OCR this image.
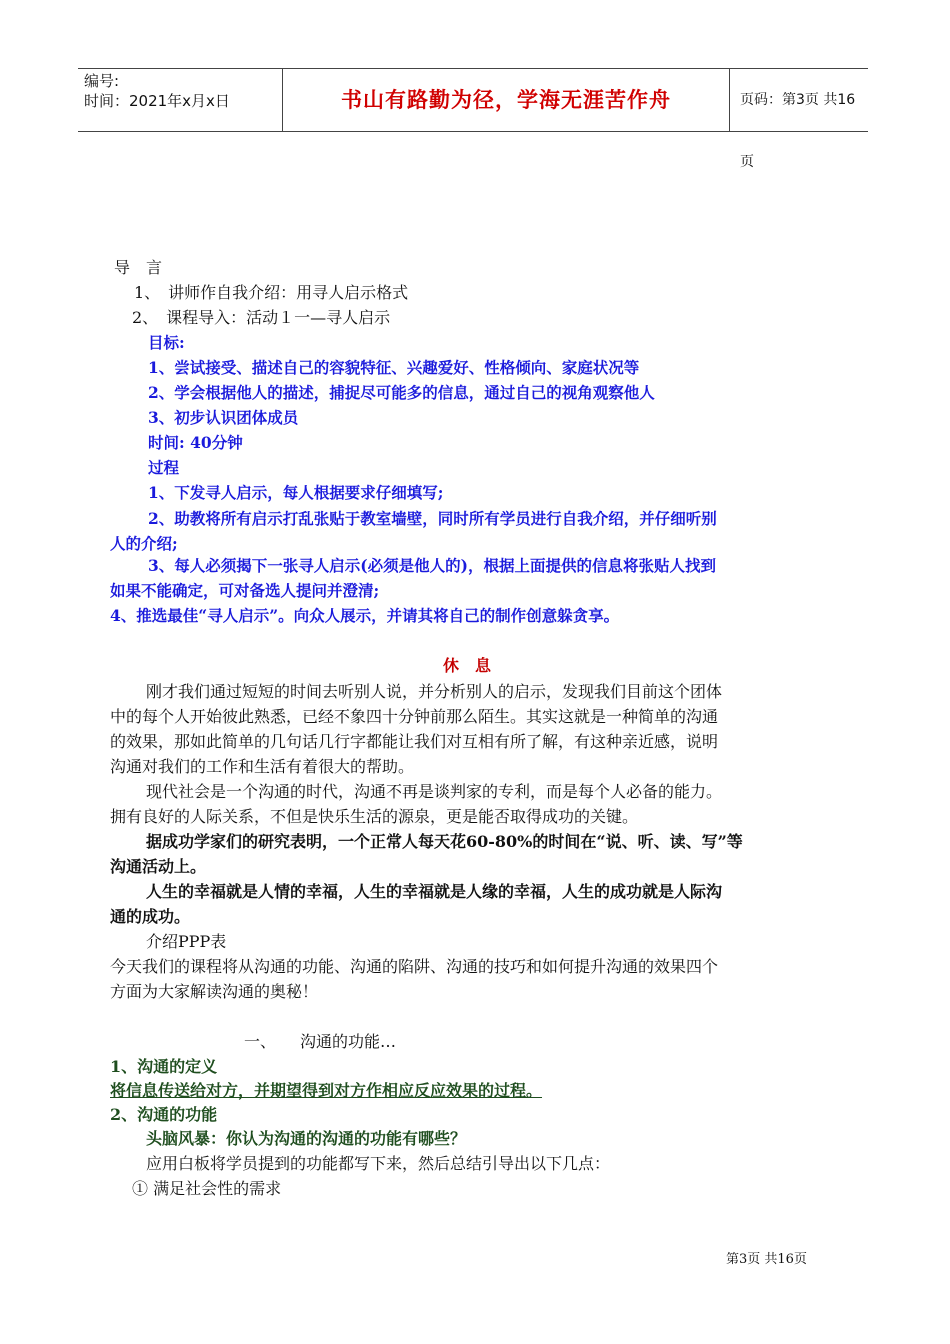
编号:
时间：2021年x月x日	书山有路勤为径，学海无涯苦作舟	页码：第3页 共16页
导　言
1、　讲师作自我介绍：用寻人启示格式
2、　课程导入：活动１一—寻人启示
目标:
1、尝试接受、描述自己的容貌特征、兴趣爱好、性格倾向、家庭状况等
2、学会根据他人的描述，捕捉尽可能多的信息，通过自己的视角观察他人
3、初步认识团体成员
时间: 40分钟
过程
1、下发寻人启示，每人根据要求仔细填写;
2、助教将所有启示打乱张贴于教室墙壁，同时所有学员进行自我介绍，并仔细听别
人的介绍;
3、每人必须揭下一张寻人启示(必须是他人的)，根据上面提供的信息将张贴人找到
如果不能确定，可对备选人提问并澄清;
4、推选最佳“寻人启示”。向众人展示，并请其将自己的制作创意躲贪享。
休　息
刚才我们通过短短的时间去听别人说，并分析别人的启示，发现我们目前这个团体
中的每个人开始彼此熟悉，已经不象四十分钟前那么陌生。其实这就是一种简单的沟通
的效果，那如此简单的几句话几行字都能让我们对互相有所了解，有这种亲近感，说明
沟通对我们的工作和生活有着很大的帮助。
现代社会是一个沟通的时代，沟通不再是谈判家的专利，而是每个人必备的能力。
拥有良好的人际关系，不但是快乐生活的源泉，更是能否取得成功的关键。
据成功学家们的研究表明，一个正常人每天花60-80%的时间在“说、听、读、写”等
沟通活动上。
人生的幸福就是人情的幸福，人生的幸福就是人缘的幸福，人生的成功就是人际沟
通的成功。
介绍PPP表
今天我们的课程将从沟通的功能、沟通的陷阱、沟通的技巧和如何提升沟通的效果四个
方面为大家解读沟通的奥秘！
一、　　沟通的功能…
1、沟通的定义
将信息传送给对方，并期望得到对方作相应反应效果的过程。
2、沟通的功能
头脑风暴：你认为沟通的沟通的功能有哪些？
应用白板将学员提到的功能都写下来，然后总结引导出以下几点：
① 满足社会性的需求
第3页 共16页
